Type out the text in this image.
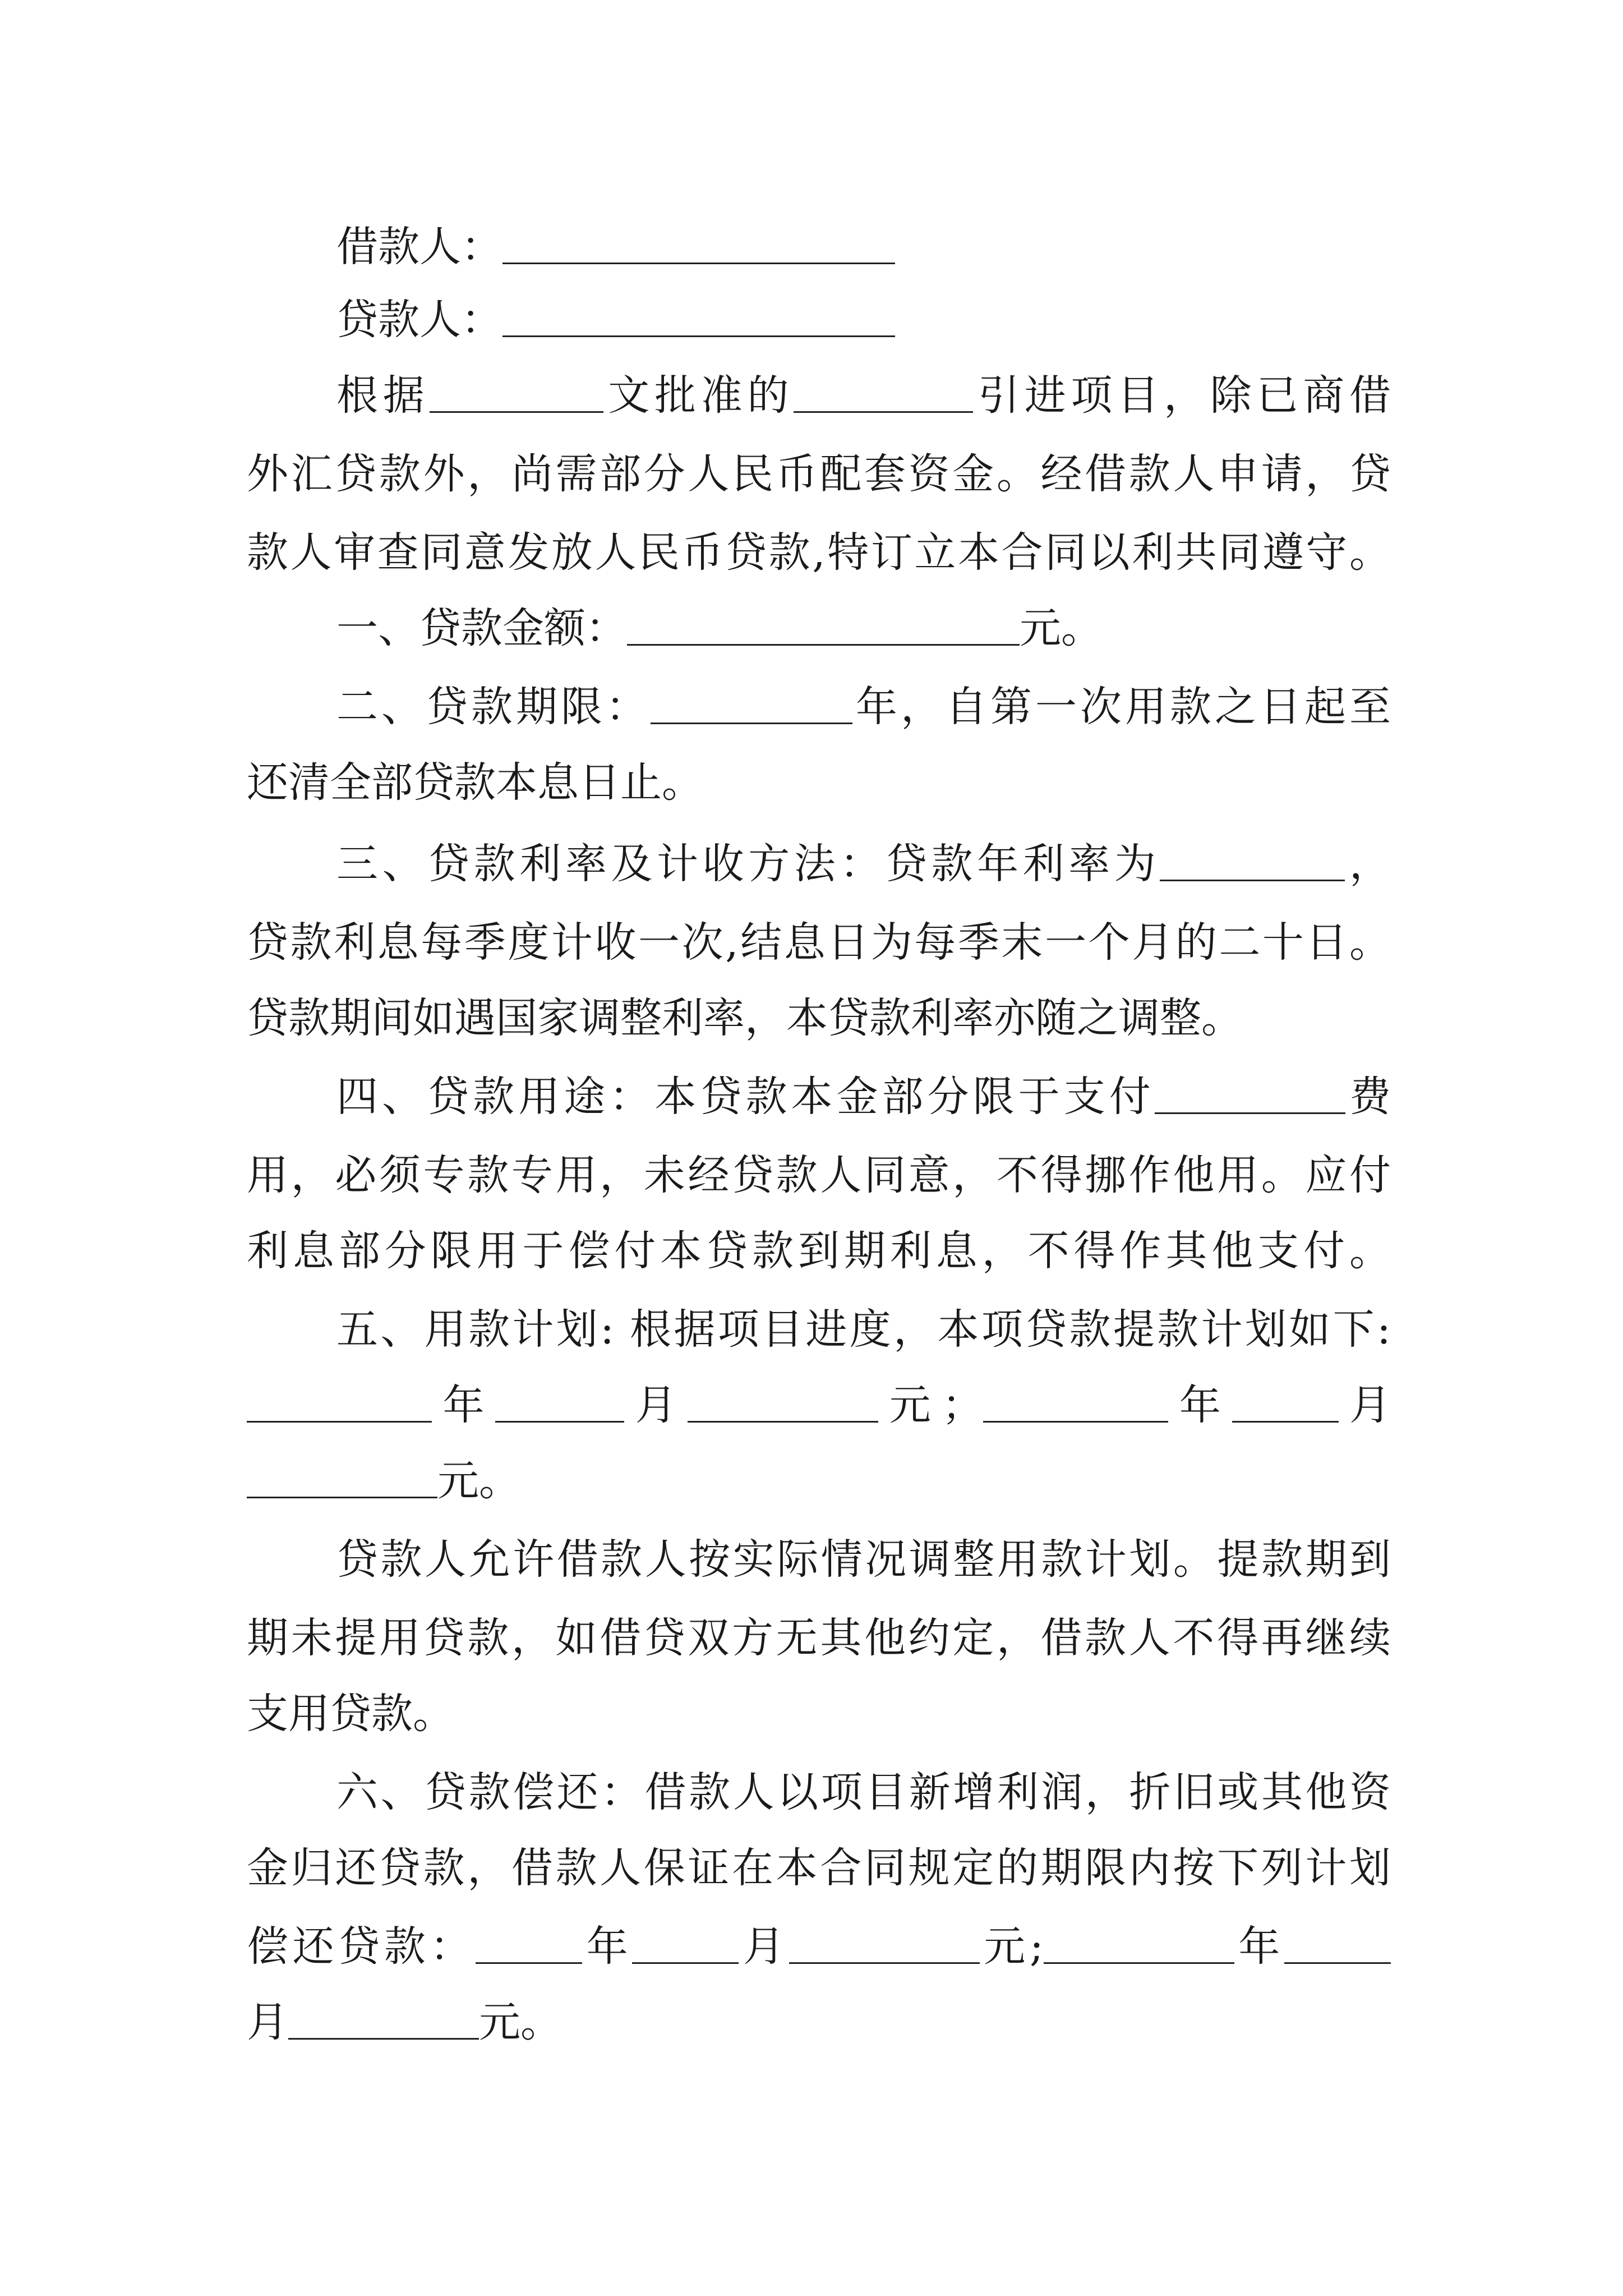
借款人：
贷款人：
根据	文批准的	引进项目，除已商借
外汇贷款外，尚需部分人民币配套资金。经借款人申请，贷
款人审查同意发放人民币贷款,特订立本合同以利共同遵守。
一、贷款金额：	元。
二、贷款期限：	年，自第一次用款之日起至
还清全部贷款本息日止。
三、贷款利率及计收方法：贷款年利率为	，
贷款利息每季度计收一次,结息日为每季末一个月的二十日。
贷款期间如遇国家调整利率，本贷款利率亦随之调整。
四、贷款用途：本贷款本金部分限于支付	费
用，必须专款专用，未经贷款人同意，不得挪作他用。应付
利息部分限用于偿付本贷款到期利息，不得作其他支付。
五、用款计划: 根据项目进度，本项贷款提款计划如下:
年	月	元；	年	月
元。
贷款人允许借款人按实际情况调整用款计划。提款期到
期未提用贷款，如借贷双方无其他约定，借款人不得再继续
支用贷款。
六、贷款偿还：借款人以项目新增利润，折旧或其他资
金归还贷款，借款人保证在本合同规定的期限内按下列计划
偿还贷款：	年	月	元;	年
月	元。
